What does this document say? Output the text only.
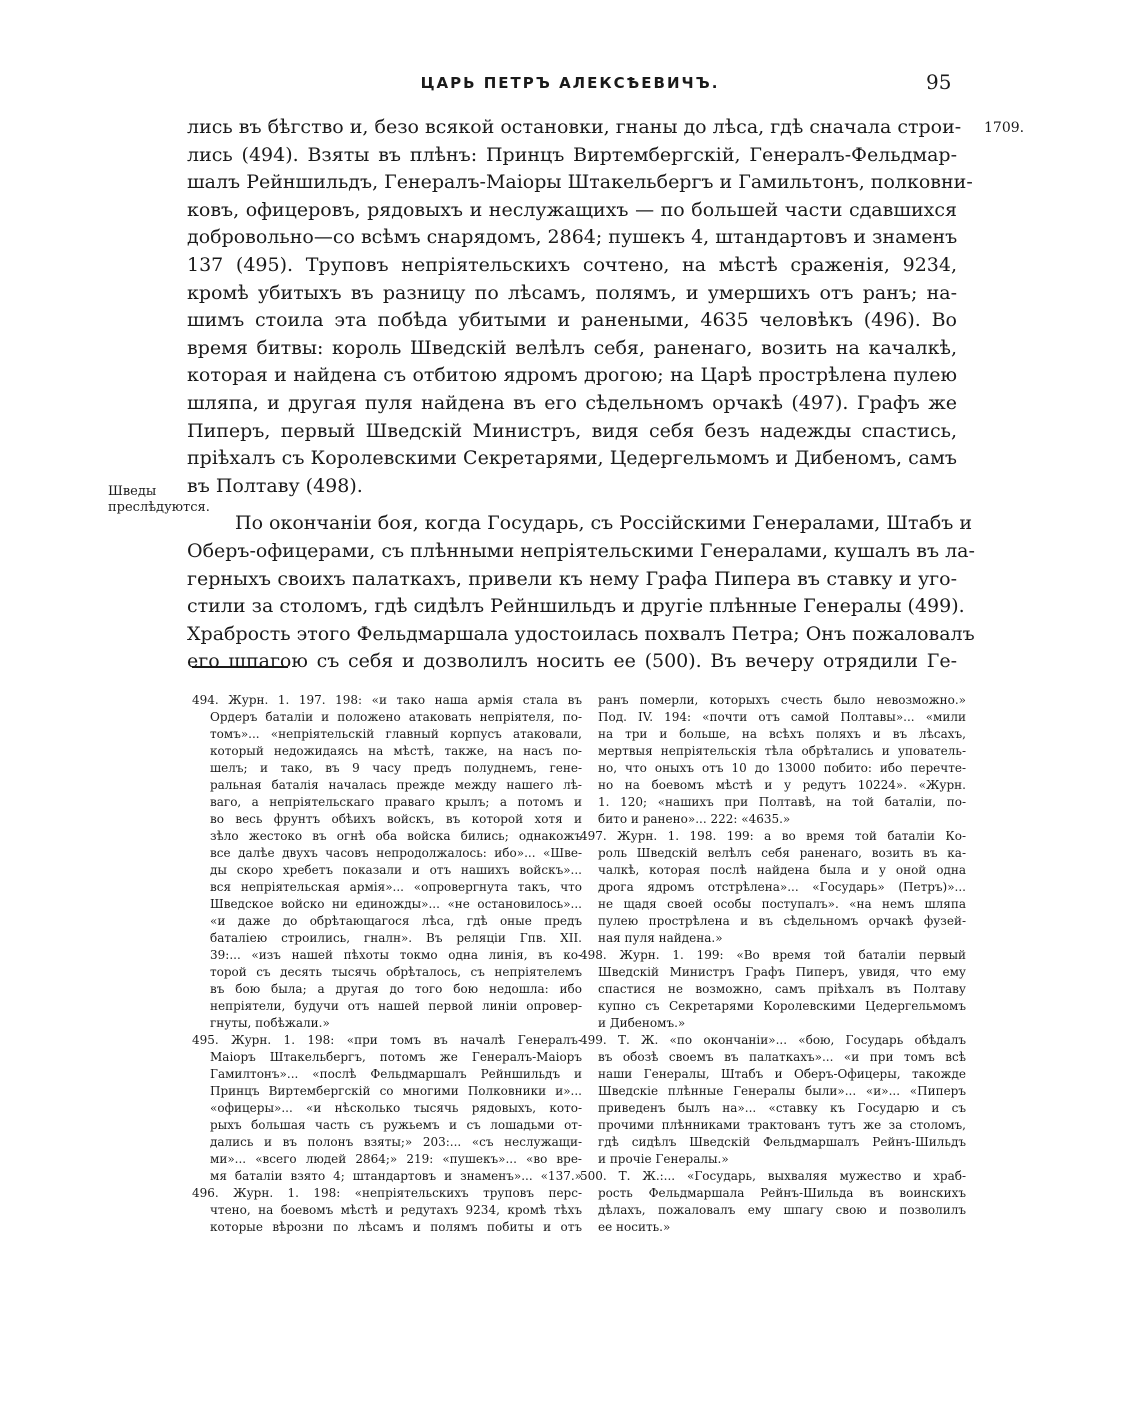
ЦАРЬ ПЕТРЪ АЛЕКСѢЕВИЧЪ.	95
1709.
Шведы преслѣдуются.
лись въ бѣгство и, безо всякой остановки, гнаны до лѣса, гдѣ сначала строи-
лись (494). Взяты въ плѣнъ: Принцъ Виртембергскій, Генералъ-Фельдмар-
шалъ Рейншильдъ, Генералъ-Маіоры Штакельбергъ и Гамильтонъ, полковни-
ковъ, офицеровъ, рядовыхъ и неслужащихъ — по большей части сдавшихся
добровольно—со всѣмъ снарядомъ, 2864; пушекъ 4, штандартовъ и знаменъ
137 (495). Труповъ непріятельскихъ сочтено, на мѣстѣ сраженія, 9234,
кромѣ убитыхъ въ разницу по лѣсамъ, полямъ, и умершихъ отъ ранъ; на-
шимъ стоила эта побѣда убитыми и ранеными, 4635 человѣкъ (496). Во
время битвы: король Шведскій велѣлъ себя, раненаго, возить на качалкѣ,
которая и найдена съ отбитою ядромъ дрогою; на Царѣ прострѣлена пулею
шляпа, и другая пуля найдена въ его сѣдельномъ орчакѣ (497). Графъ же
Пиперъ, первый Шведскій Министръ, видя себя безъ надежды спастись,
пріѣхалъ съ Королевскими Секретарями, Цедергельмомъ и Дибеномъ, самъ
въ Полтаву (498).
По окончаніи боя, когда Государь, съ Россійскими Генералами, Штабъ и
Оберъ-офицерами, съ плѣнными непріятельскими Генералами, кушалъ въ ла-
герныхъ своихъ палаткахъ, привели къ нему Графа Пипера въ ставку и уго-
стили за столомъ, гдѣ сидѣлъ Рейншильдъ и другіе плѣнные Генералы (499).
Храбрость этого Фельдмаршала удостоилась похвалъ Петра; Онъ пожаловалъ
его шпагою съ себя и дозволилъ носить ее (500). Въ вечеру отрядили Ге-
494. Журн. 1. 197. 198: «и тако наша армія стала въ
Ордеръ баталіи и положено атаковать непріятеля, по-
томъ»... «непріятельскій главный корпусъ атаковали,
который недожидаясь на мѣстѣ, также, на насъ по-
шелъ; и тако, въ 9 часу предъ полуднемъ, гене-
ральная баталія началась прежде между нашего лѣ-
ваго, а непріятельскаго праваго крылъ; а потомъ и
во весь фрунтъ обѣихъ войскъ, въ которой хотя и
зѣло жестоко въ огнѣ оба войска бились; однакожъ
все далѣе двухъ часовъ непродолжалось: ибо»... «Шве-
ды скоро хребетъ показали и отъ нашихъ войскъ»...
вся непріятельская армія»... «опровергнута такъ, что
Шведское войско ни единожды»... «не остановилось»...
«и даже до обрѣтающагося лѣса, гдѣ оные предъ
баталіею строились, гналн». Въ реляціи Гпв. XII.
39:... «изъ нашей пѣхоты токмо одна линія, въ ко-
торой съ десять тысячь обрѣталось, съ непріятелемъ
въ бою была; а другая до того бою недошла: ибо
непріятели, будучи отъ нашей первой линіи опровер-
гнуты, побѣжали.»
495. Журн. 1. 198: «при томъ въ началѣ Генералъ-
Маіоръ Штакельбергъ, потомъ же Генералъ-Маіоръ
Гамилтонъ»... «послѣ Фельдмаршалъ Рейншильдъ и
Принцъ Виртембергскій со многими Полковники и»...
«офицеры»... «и нѣсколько тысячь рядовыхъ, кото-
рыхъ большая часть съ ружьемъ и съ лошадьми от-
дались и въ полонъ взяты;» 203:... «съ неслужащи-
ми»... «всего людей 2864;» 219: «пушекъ»... «во вре-
мя баталіи взято 4; штандартовъ и знаменъ»... «137.»
496. Журн. 1. 198: «непріятельскихъ труповъ перс-
чтено, на боевомъ мѣстѣ и редутахъ 9234, кромѣ тѣхъ
которые вѣрозни по лѣсамъ и полямъ побиты и отъ
ранъ померли, которыхъ счесть было невозможно.»
Под. IV. 194: «почти отъ самой Полтавы»... «мили
на три и больше, на всѣхъ поляхъ и въ лѣсахъ,
мертвыя непріятельскія тѣла обрѣтались и упователь-
но, что оныхъ отъ 10 до 13000 побито: ибо перечте-
но на боевомъ мѣстѣ и у редутъ 10224». «Журн.
1. 120; «нашихъ при Полтавѣ, на той баталіи, по-
бито и ранено»... 222: «4635.»
497. Журн. 1. 198. 199: а во время той баталіи Ко-
роль Шведскій велѣлъ себя раненаго, возить въ ка-
чалкѣ, которая послѣ найдена была и у оной одна
дрога ядромъ отстрѣлена»... «Государь» (Петръ)»...
не щадя своей особы поступалъ». «на немъ шляпа
пулею прострѣлена и въ сѣдельномъ орчакѣ фузей-
ная пуля найдена.»
498. Журн. 1. 199: «Во время той баталіи первый
Шведскій Министръ Графъ Пиперъ, увидя, что ему
спастися не возможно, самъ пріѣхалъ въ Полтаву
купно съ Секретарями Королевскими Цедергельмомъ
и Дибеномъ.»
499. Т. Ж. «по окончаніи»... «бою, Государь обѣдалъ
въ обозѣ своемъ въ палаткахъ»... «и при томъ всѣ
наши Генералы, Штабъ и Оберъ-Офицеры, такожде
Шведскіе плѣнные Генералы были»... «и»... «Пиперъ
приведенъ былъ на»... «ставку къ Государю и съ
прочими плѣнниками трактованъ тутъ же за столомъ,
гдѣ сидѣлъ Шведскій Фельдмаршалъ Рейнъ-Шильдъ
и прочіе Генералы.»
500. Т. Ж.:... «Государь, выхваляя мужество и храб-
рость Фельдмаршала Рейнъ-Шильда въ воинскихъ
дѣлахъ, пожаловалъ ему шпагу свою и позволилъ
ее носить.»
